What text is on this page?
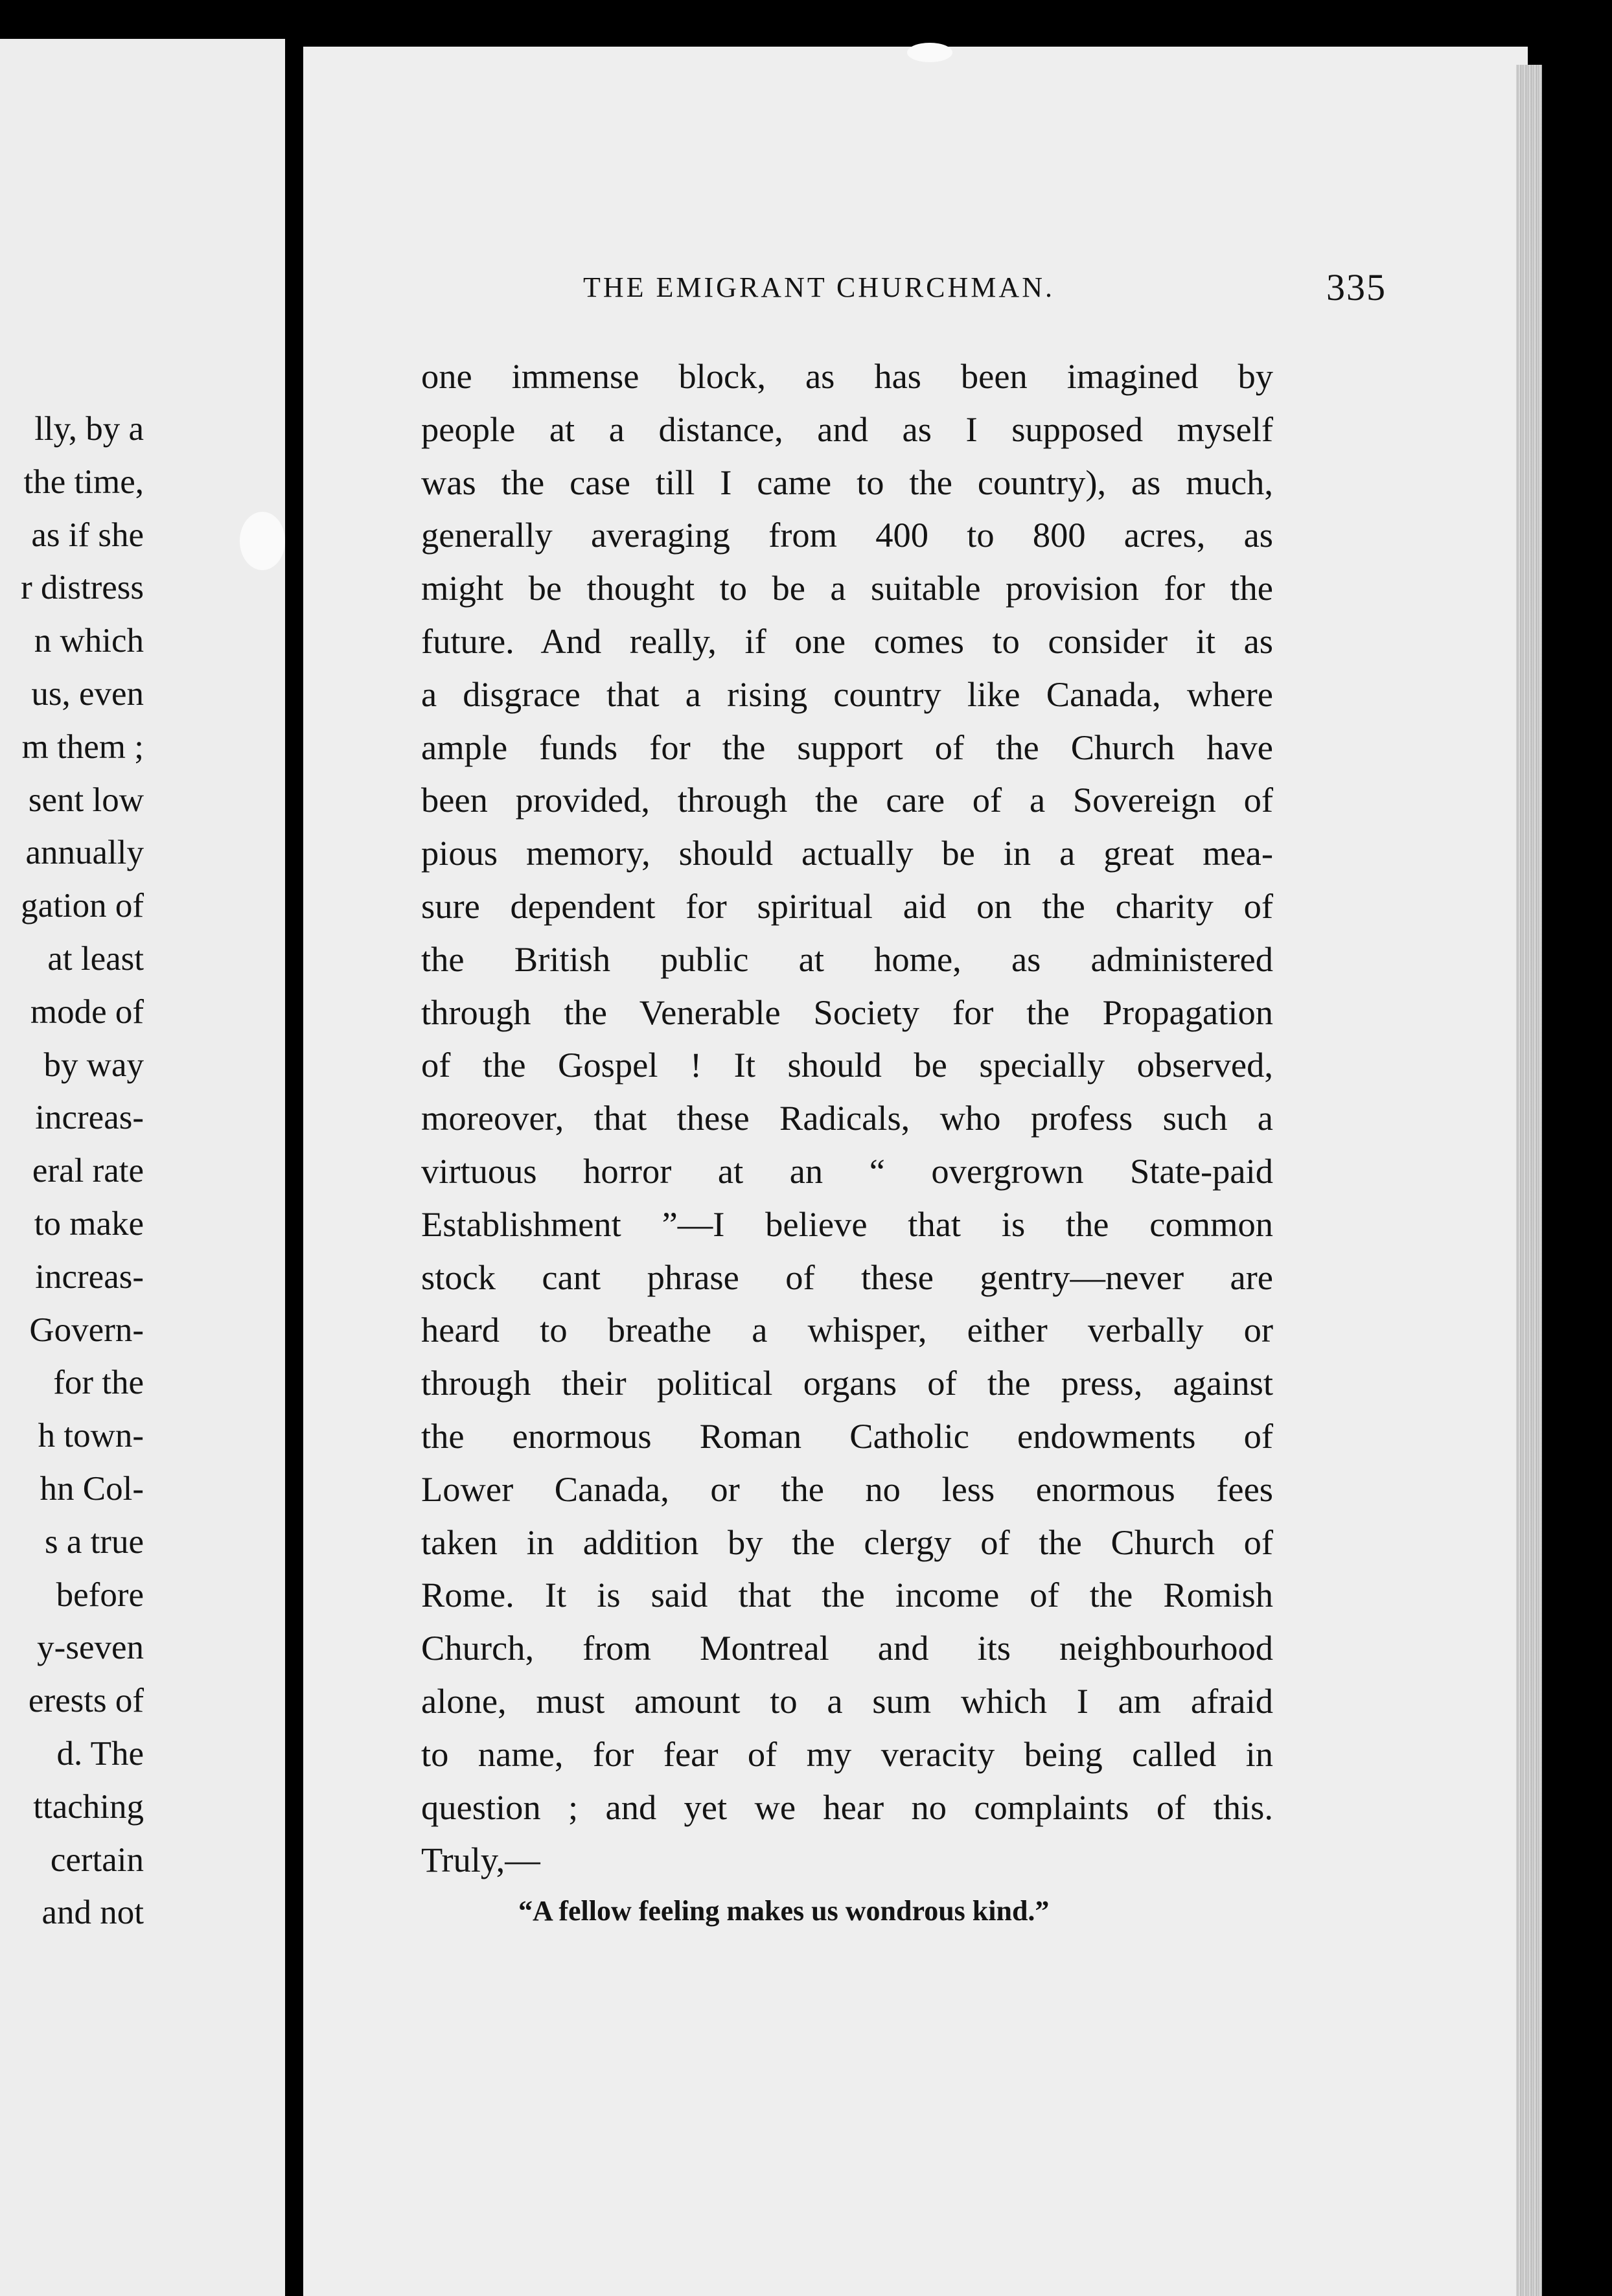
lly, by a
the time,
as if she
r distress
n which
us, even
m them ;
sent low
annually
gation of
at least
mode of
by way
increas-
eral rate
to make
increas-
Govern-
for the
h town-
hn Col-
s a true
before
y-seven
erests of
d. The
ttaching
certain
and not
THE EMIGRANT CHURCHMAN.	335
one immense block, as has been imagined by
people at a distance, and as I supposed myself
was the case till I came to the country), as much,
generally averaging from 400 to 800 acres, as
might be thought to be a suitable provision for the
future. And really, if one comes to consider it as
a disgrace that a rising country like Canada, where
ample funds for the support of the Church have
been provided, through the care of a Sovereign of
pious memory, should actually be in a great mea-
sure dependent for spiritual aid on the charity of
the British public at home, as administered
through the Venerable Society for the Propagation
of the Gospel ! It should be specially observed,
moreover, that these Radicals, who profess such a
virtuous horror at an “ overgrown State-paid
Establishment ”—I believe that is the common
stock cant phrase of these gentry—never are
heard to breathe a whisper, either verbally or
through their political organs of the press, against
the enormous Roman Catholic endowments of
Lower Canada, or the no less enormous fees
taken in addition by the clergy of the Church of
Rome. It is said that the income of the Romish
Church, from Montreal and its neighbourhood
alone, must amount to a sum which I am afraid
to name, for fear of my veracity being called in
question ; and yet we hear no complaints of this.
Truly,—
“A fellow feeling makes us wondrous kind.”
